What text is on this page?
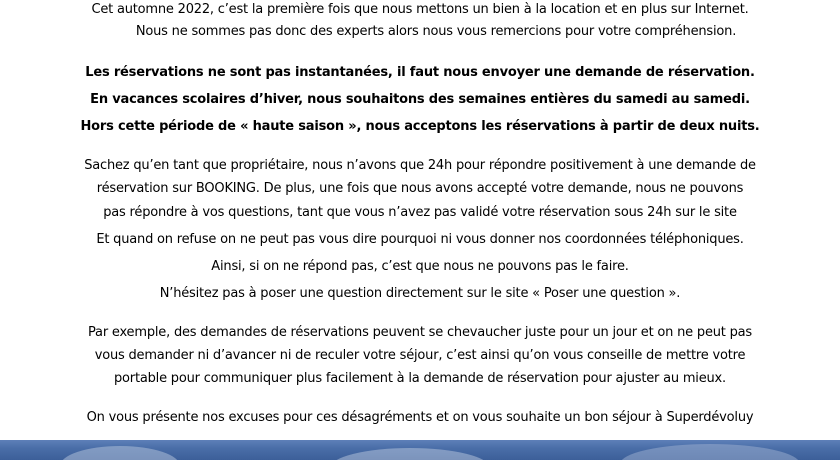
Cet automne 2022, c’est la première fois que nous mettons un bien à la location et en plus sur Internet.
Nous ne sommes pas donc des experts alors nous vous remercions pour votre compréhension.
Les réservations ne sont pas instantanées, il faut nous envoyer une demande de réservation.
En vacances scolaires d’hiver, nous souhaitons des semaines entières du samedi au samedi.
Hors cette période de « haute saison », nous acceptons les réservations à partir de deux nuits.
Sachez qu’en tant que propriétaire, nous n’avons que 24h pour répondre positivement à une demande de
réservation sur BOOKING. De plus, une fois que nous avons accepté votre demande, nous ne pouvons
pas répondre à vos questions, tant que vous n’avez pas validé votre réservation sous 24h sur le site
Et quand on refuse on ne peut pas vous dire pourquoi ni vous donner nos coordonnées téléphoniques.
Ainsi, si on ne répond pas, c’est que nous ne pouvons pas le faire.
N’hésitez pas à poser une question directement sur le site « Poser une question ».
Par exemple, des demandes de réservations peuvent se chevaucher juste pour un jour et on ne peut pas
vous demander ni d’avancer ni de reculer votre séjour, c’est ainsi qu’on vous conseille de mettre votre
portable pour communiquer plus facilement à la demande de réservation pour ajuster au mieux.
On vous présente nos excuses pour ces désagréments et on vous souhaite un bon séjour à Superdévoluy
